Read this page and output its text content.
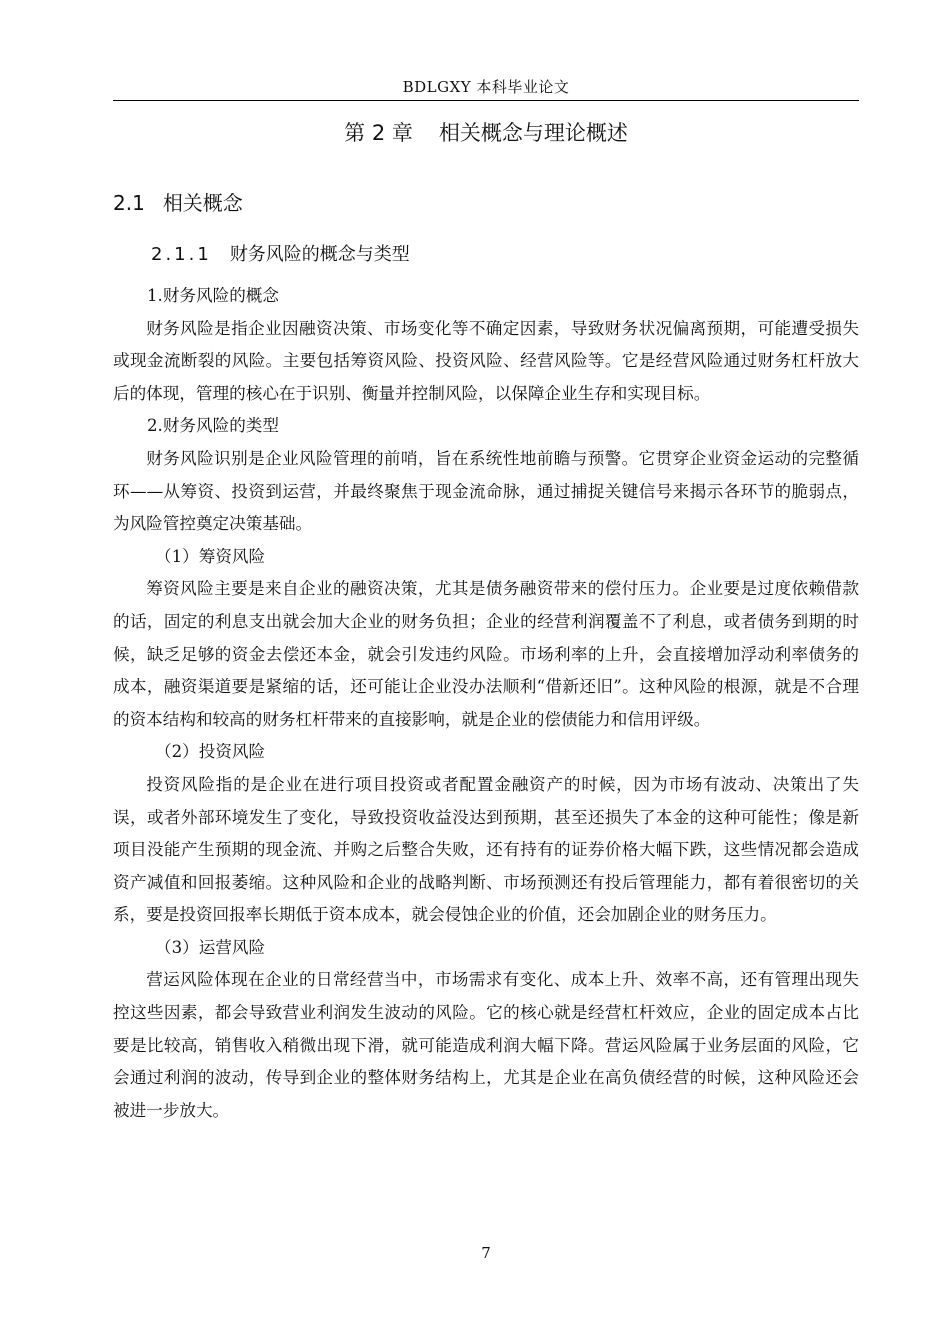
BDLGXY 本科毕业论文
第 2 章 相关概念与理论概述
2.1 相关概念
2.1.1 财务风险的概念与类型

1.财务风险的概念

财务风险是指企业因融资决策、市场变化等不确定因素，导致财务状况偏离预期，可能遭受损失或现金流断裂的风险。主要包括筹资风险、投资风险、经营风险等。它是经营风险通过财务杠杆放大后的体现，管理的核心在于识别、衡量并控制风险，以保障企业生存和实现目标。

2.财务风险的类型

财务风险识别是企业风险管理的前哨，旨在系统性地前瞻与预警。它贯穿企业资金运动的完整循环——从筹资、投资到运营，并最终聚焦于现金流命脉，通过捕捉关键信号来揭示各环节的脆弱点，为风险管控奠定决策基础。

（1）筹资风险

筹资风险主要是来自企业的融资决策，尤其是债务融资带来的偿付压力。企业要是过度依赖借款的话，固定的利息支出就会加大企业的财务负担；企业的经营利润覆盖不了利息，或者债务到期的时候，缺乏足够的资金去偿还本金，就会引发违约风险。市场利率的上升，会直接增加浮动利率债务的成本，融资渠道要是紧缩的话，还可能让企业没办法顺利“借新还旧”。这种风险的根源，就是不合理的资本结构和较高的财务杠杆带来的直接影响，就是企业的偿债能力和信用评级。

（2）投资风险

投资风险指的是企业在进行项目投资或者配置金融资产的时候，因为市场有波动、决策出了失误，或者外部环境发生了变化，导致投资收益没达到预期，甚至还损失了本金的这种可能性；像是新项目没能产生预期的现金流、并购之后整合失败，还有持有的证券价格大幅下跌，这些情况都会造成资产减值和回报萎缩。这种风险和企业的战略判断、市场预测还有投后管理能力，都有着很密切的关系，要是投资回报率长期低于资本成本，就会侵蚀企业的价值，还会加剧企业的财务压力。

（3）运营风险

营运风险体现在企业的日常经营当中，市场需求有变化、成本上升、效率不高，还有管理出现失控这些因素，都会导致营业利润发生波动的风险。它的核心就是经营杠杆效应，企业的固定成本占比要是比较高，销售收入稍微出现下滑，就可能造成利润大幅下降。营运风险属于业务层面的风险，它会通过利润的波动，传导到企业的整体财务结构上，尤其是企业在高负债经营的时候，这种风险还会被进一步放大。

7
